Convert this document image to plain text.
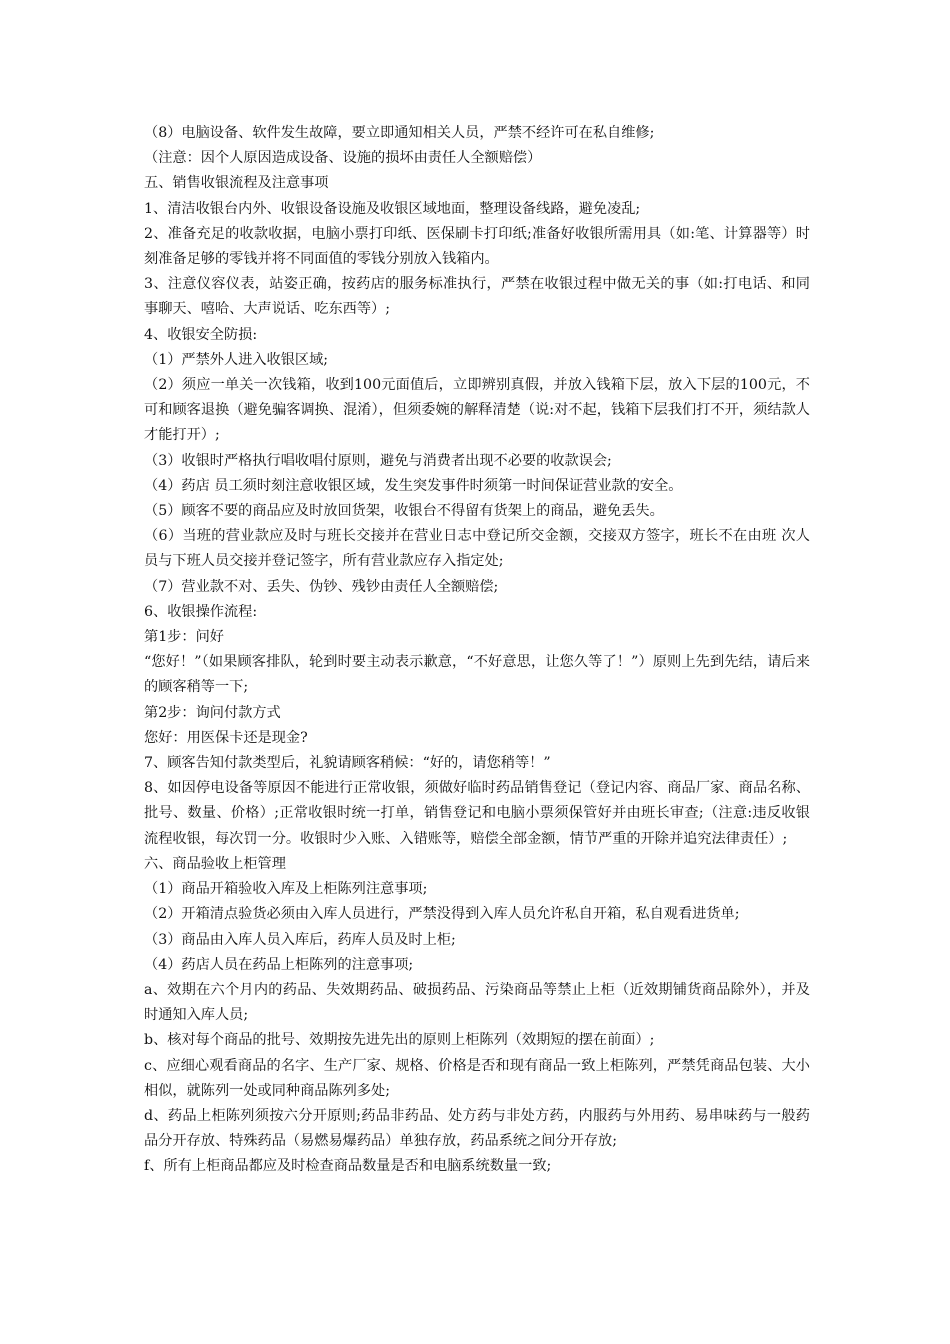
（8）电脑设备、软件发生故障，要立即通知相关人员，严禁不经许可在私自维修;

（注意：因个人原因造成设备、设施的损坏由责任人全额赔偿）

五、销售收银流程及注意事项

1、清洁收银台内外、收银设备设施及收银区域地面，整理设备线路，避免凌乱;

2、准备充足的收款收据，电脑小票打印纸、医保刷卡打印纸;准备好收银所需用具（如:笔、计算器等）时刻准备足够的零钱并将不同面值的零钱分别放入钱箱内。

3、注意仪容仪表，站姿正确，按药店的服务标准执行，严禁在收银过程中做无关的事（如:打电话、和同事聊天、嘻哈、大声说话、吃东西等）;

4、收银安全防损:

（1）严禁外人进入收银区域;

（2）须应一单关一次钱箱，收到100元面值后，立即辨别真假，并放入钱箱下层，放入下层的100元，不可和顾客退换（避免骗客调换、混淆），但须委婉的解释清楚（说:对不起，钱箱下层我们打不开，须结款人才能打开）;

（3）收银时严格执行唱收唱付原则，避免与消费者出现不必要的收款误会;

（4）药店 员工须时刻注意收银区域，发生突发事件时须第一时间保证营业款的安全。

（5）顾客不要的商品应及时放回货架，收银台不得留有货架上的商品，避免丢失。

（6）当班的营业款应及时与班长交接并在营业日志中登记所交金额，交接双方签字，班长不在由班 次人员与下班人员交接并登记签字，所有营业款应存入指定处;

（7）营业款不对、丢失、伪钞、残钞由责任人全额赔偿;

6、收银操作流程:

第1步：问好

“您好！”（如果顾客排队，轮到时要主动表示歉意，“不好意思，让您久等了！”）原则上先到先结，请后来的顾客稍等一下;

第2步：询问付款方式

您好：用医保卡还是现金?

7、顾客告知付款类型后，礼貌请顾客稍候：“好的，请您稍等！”

8、如因停电设备等原因不能进行正常收银，须做好临时药品销售登记（登记内容、商品厂家、商品名称、批号、数量、价格）;正常收银时统一打单，销售登记和电脑小票须保管好并由班长审查;（注意:违反收银流程收银，每次罚一分。收银时少入账、入错账等，赔偿全部金额，情节严重的开除并追究法律责任）;

六、商品验收上柜管理

（1）商品开箱验收入库及上柜陈列注意事项;

（2）开箱清点验货必须由入库人员进行，严禁没得到入库人员允许私自开箱，私自观看进货单;

（3）商品由入库人员入库后，药库人员及时上柜;

（4）药店人员在药品上柜陈列的注意事项;

a、效期在六个月内的药品、失效期药品、破损药品、污染商品等禁止上柜（近效期铺货商品除外），并及时通知入库人员;

b、核对每个商品的批号、效期按先进先出的原则上柜陈列（效期短的摆在前面）;

c、应细心观看商品的名字、生产厂家、规格、价格是否和现有商品一致上柜陈列，严禁凭商品包装、大小相似，就陈列一处或同种商品陈列多处;

d、药品上柜陈列须按六分开原则;药品非药品、处方药与非处方药，内服药与外用药、易串味药与一般药品分开存放、特殊药品（易燃易爆药品）单独存放，药品系统之间分开存放;

f、所有上柜商品都应及时检查商品数量是否和电脑系统数量一致;
